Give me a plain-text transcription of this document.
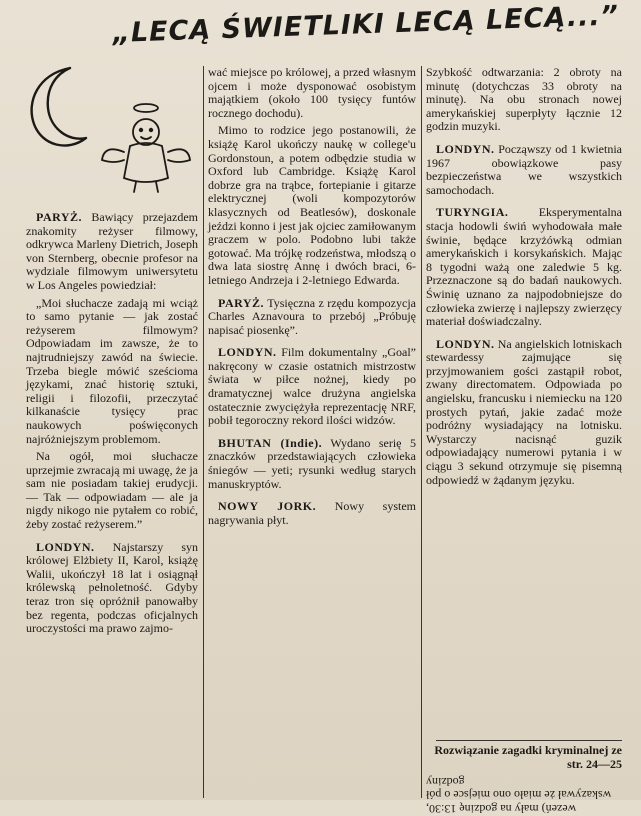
„LECĄ ŚWIETLIKI LECĄ LECĄ...”

PARYŻ. Bawiący przejazdem znakomity reżyser filmowy, odkrywca Marleny Dietrich, Joseph von Sternberg, obecnie profesor na wydziale filmowym uniwersytetu w Los Angeles powiedział:

„Moi słuchacze zadają mi wciąż to samo pytanie — jak zostać reżyserem filmowym? Odpowiadam im zawsze, że to najtrudniejszy zawód na świecie. Trzeba biegle mówić sześcioma językami, znać historię sztuki, religii i filozofii, przeczytać kilkanaście tysięcy prac naukowych poświęconych najróżniejszym problemom.

Na ogół, moi słuchacze uprzejmie zwracają mi uwagę, że ja sam nie posiadam takiej erudycji. — Tak — odpowiadam — ale ja nigdy nikogo nie pytałem co robić, żeby zostać reżyserem.”

LONDYN. Najstarszy syn królowej Elżbiety II, Karol, książę Walii, ukończył 18 lat i osiągnął królewską pełnoletność. Gdyby teraz tron się opróżnił panowałby bez regenta, podczas oficjalnych uroczystości ma prawo zajmo-

wać miejsce po królowej, a przed własnym ojcem i może dysponować osobistym majątkiem (około 100 tysięcy funtów rocznego dochodu).

Mimo to rodzice jego postanowili, że książę Karol ukończy naukę w college'u Gordonstoun, a potem odbędzie studia w Oxford lub Cambridge. Książę Karol dobrze gra na trąbce, fortepianie i gitarze elektrycznej (woli kompozytorów klasycznych od Beatlesów), doskonale jeździ konno i jest jak ojciec zamiłowanym graczem w polo. Podobno lubi także gotować. Ma trójkę rodzeństwa, młodszą o dwa lata siostrę Annę i dwóch braci, 6-letniego Andrzeja i 2-letniego Edwarda.

PARYŻ. Tysięczna z rzędu kompozycja Charles Aznavoura to przebój „Próbuję napisać piosenkę”.

LONDYN. Film dokumentalny „Goal” nakręcony w czasie ostatnich mistrzostw świata w piłce nożnej, kiedy po dramatycznej walce drużyna angielska ostatecznie zwyciężyła reprezentację NRF, pobił tegoroczny rekord ilości widzów.

BHUTAN (Indie). Wydano serię 5 znaczków przedstawiających człowieka śniegów — yeti; rysunki według starych manuskryptów.

NOWY JORK. Nowy system nagrywania płyt.

Szybkość odtwarzania: 2 obroty na minutę (dotychczas 33 obroty na minutę). Na obu stronach nowej amerykańskiej superpłyty łącznie 12 godzin muzyki.

LONDYN. Począwszy od 1 kwietnia 1967 obowiązkowe pasy bezpieczeństwa we wszystkich samochodach.

TURYNGIA. Eksperymentalna stacja hodowli świń wyhodowała małe świnie, będące krzyżówką odmian amerykańskich i korsykańskich. Mając 8 tygodni ważą one zaledwie 5 kg. Przeznaczone są do badań naukowych. Świnię uznano za najpodobniejsze do człowieka zwierzę i najlepszy zwierzęcy materiał doświadczalny.

LONDYN. Na angielskich lotniskach stewardessy zajmujące się przyjmowaniem gości zastąpił robot, zwany directomatem. Odpowiada po angielsku, francusku i niemiecku na 120 prostych pytań, jakie zadać może podróżny wysiadający na lotnisku. Wystarczy nacisnąć guzik odpowiadający numerowi pytania i w ciągu 3 sekund otrzymuje się pisemną odpowiedź w żądanym języku.

Rozwiązanie zagadki kryminalnej ze str. 24—25
wezeń) mały na godzinę 13:30, wskazywał że miało ono miejsce o pół godziny
